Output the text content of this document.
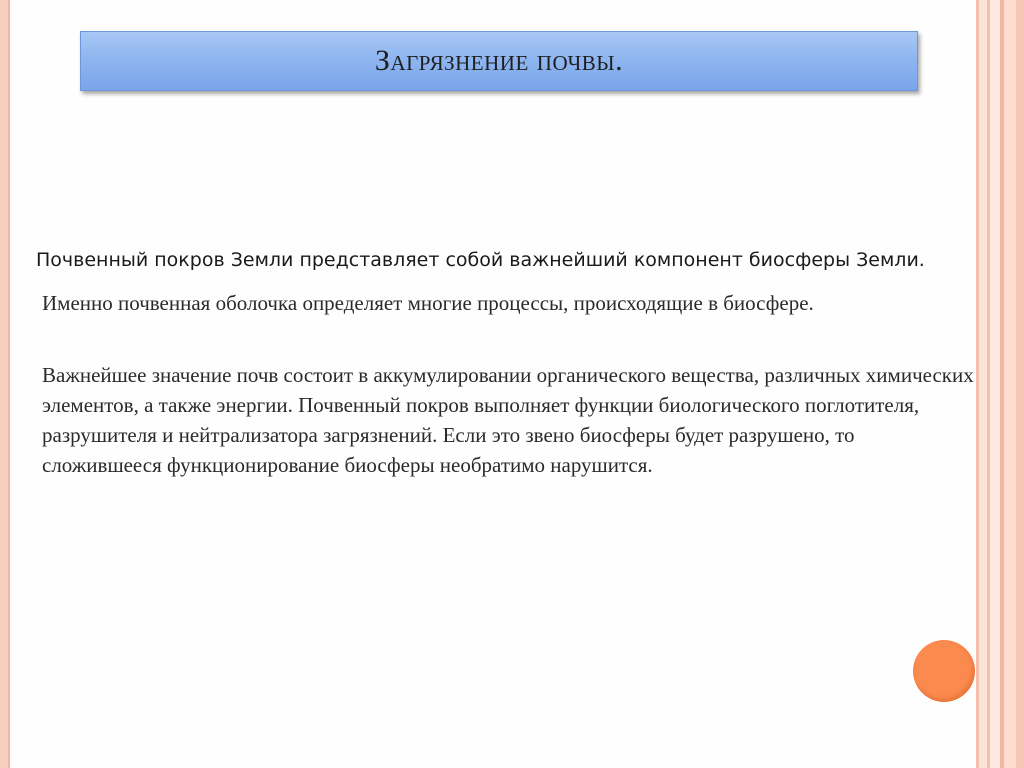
Загрязнение почвы.
Почвенный покров Земли представляет собой важнейший компонент биосферы Земли.

Именно почвенная оболочка определяет многие процессы, происходящие в биосфере.

Важнейшее значение почв состоит в аккумулировании органического вещества, различных химических элементов, а также энергии. Почвенный покров выполняет функции биологического поглотителя, разрушителя и нейтрализатора загрязнений. Если это звено биосферы будет разрушено, то сложившееся функционирование биосферы необратимо нарушится.
